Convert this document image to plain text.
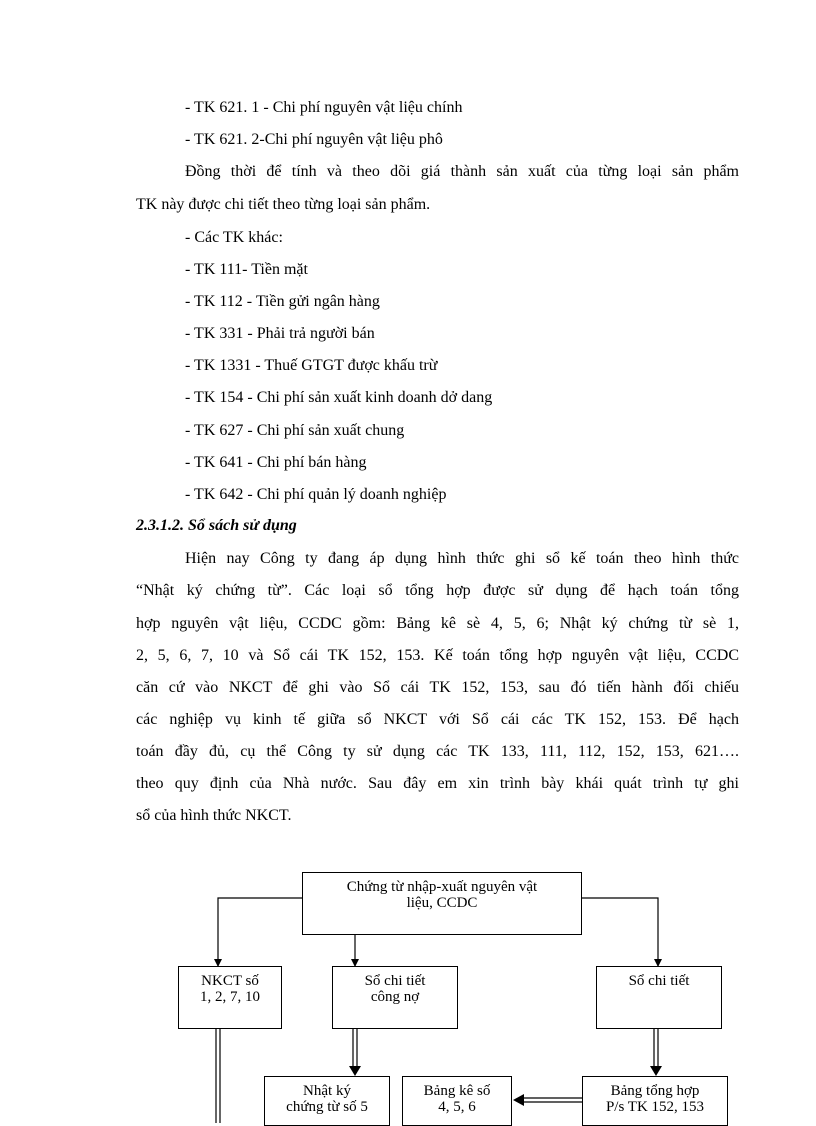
- TK 621. 1 - Chi phí nguyên vật liệu chính
- TK 621. 2-Chi phí nguyên vật liệu phô
Đồng thời để tính và theo dõi giá thành sản xuất của từng loại sản phẩm
TK này được chi tiết theo từng loại sản phẩm.
- Các TK khác:
- TK 111- Tiền mặt
- TK 112 - Tiền gửi ngân hàng
- TK 331 - Phải trả người bán
- TK 1331 - Thuế GTGT được khấu trừ
- TK 154 - Chi phí sản xuất kinh doanh dở dang
- TK 627 - Chi phí sản xuất chung
- TK 641 - Chi phí bán hàng
- TK 642 - Chi phí quản lý doanh nghiệp
2.3.1.2. Sổ sách sử dụng
Hiện nay Công ty đang áp dụng hình thức ghi sổ kế toán theo hình thức
“Nhật ký chứng từ”. Các loại sổ tổng hợp được sử dụng để hạch toán tổng
hợp nguyên vật liệu, CCDC gồm: Bảng kê sè 4, 5, 6; Nhật ký chứng từ sè 1,
2, 5, 6, 7, 10 và Sổ cái TK 152, 153. Kế toán tổng hợp nguyên vật liệu, CCDC
căn cứ vào NKCT để ghi vào Sổ cái TK 152, 153, sau đó tiến hành đối chiếu
các nghiệp vụ kinh tế giữa sổ NKCT với Sổ cái các TK 152, 153. Để hạch
toán đầy đủ, cụ thể Công ty sử dụng các TK 133, 111, 112, 152, 153, 621….
theo quy định của Nhà nước. Sau đây em xin trình bày khái quát trình tự ghi
sổ của hình thức NKCT.
Chứng từ nhập-xuất nguyên vật
liệu, CCDC
NKCT số
1, 2, 7, 10
Sổ chi tiết
công nợ
Sổ chi tiết
Nhật ký
chứng từ số 5
Bảng kê số
4, 5, 6
Bảng tổng hợp
P/s TK 152, 153
